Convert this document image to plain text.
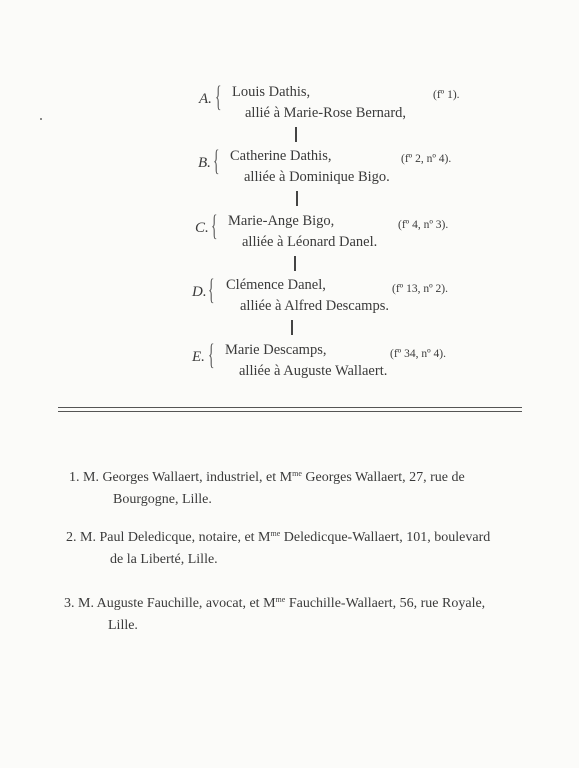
A. { Louis Dathis,
allié à Marie-Rose Bernard,
(fº 1).
B. { Catherine Dathis,
alliée à Dominique Bigo.
(fº 2, nº 4).
C. { Marie-Ange Bigo,
alliée à Léonard Danel.
(fº 4, nº 3).
D. { Clémence Danel,
alliée à Alfred Descamps.
(fº 13, nº 2).
E. { Marie Descamps,
alliée à Auguste Wallaert.
(fº 34, nº 4).
1. M. Georges Wallaert, industriel, et $M^{me}$ Georges Wallaert, 27, rue de
Bourgogne, Lille.
2. M. Paul Deledicque, notaire, et $M^{me}$ Deledicque-Wallaert, 101, boulevard
de la Liberté, Lille.
3. M. Auguste Fauchille, avocat, et $M^{me}$ Fauchille-Wallaert, 56, rue Royale,
Lille.
